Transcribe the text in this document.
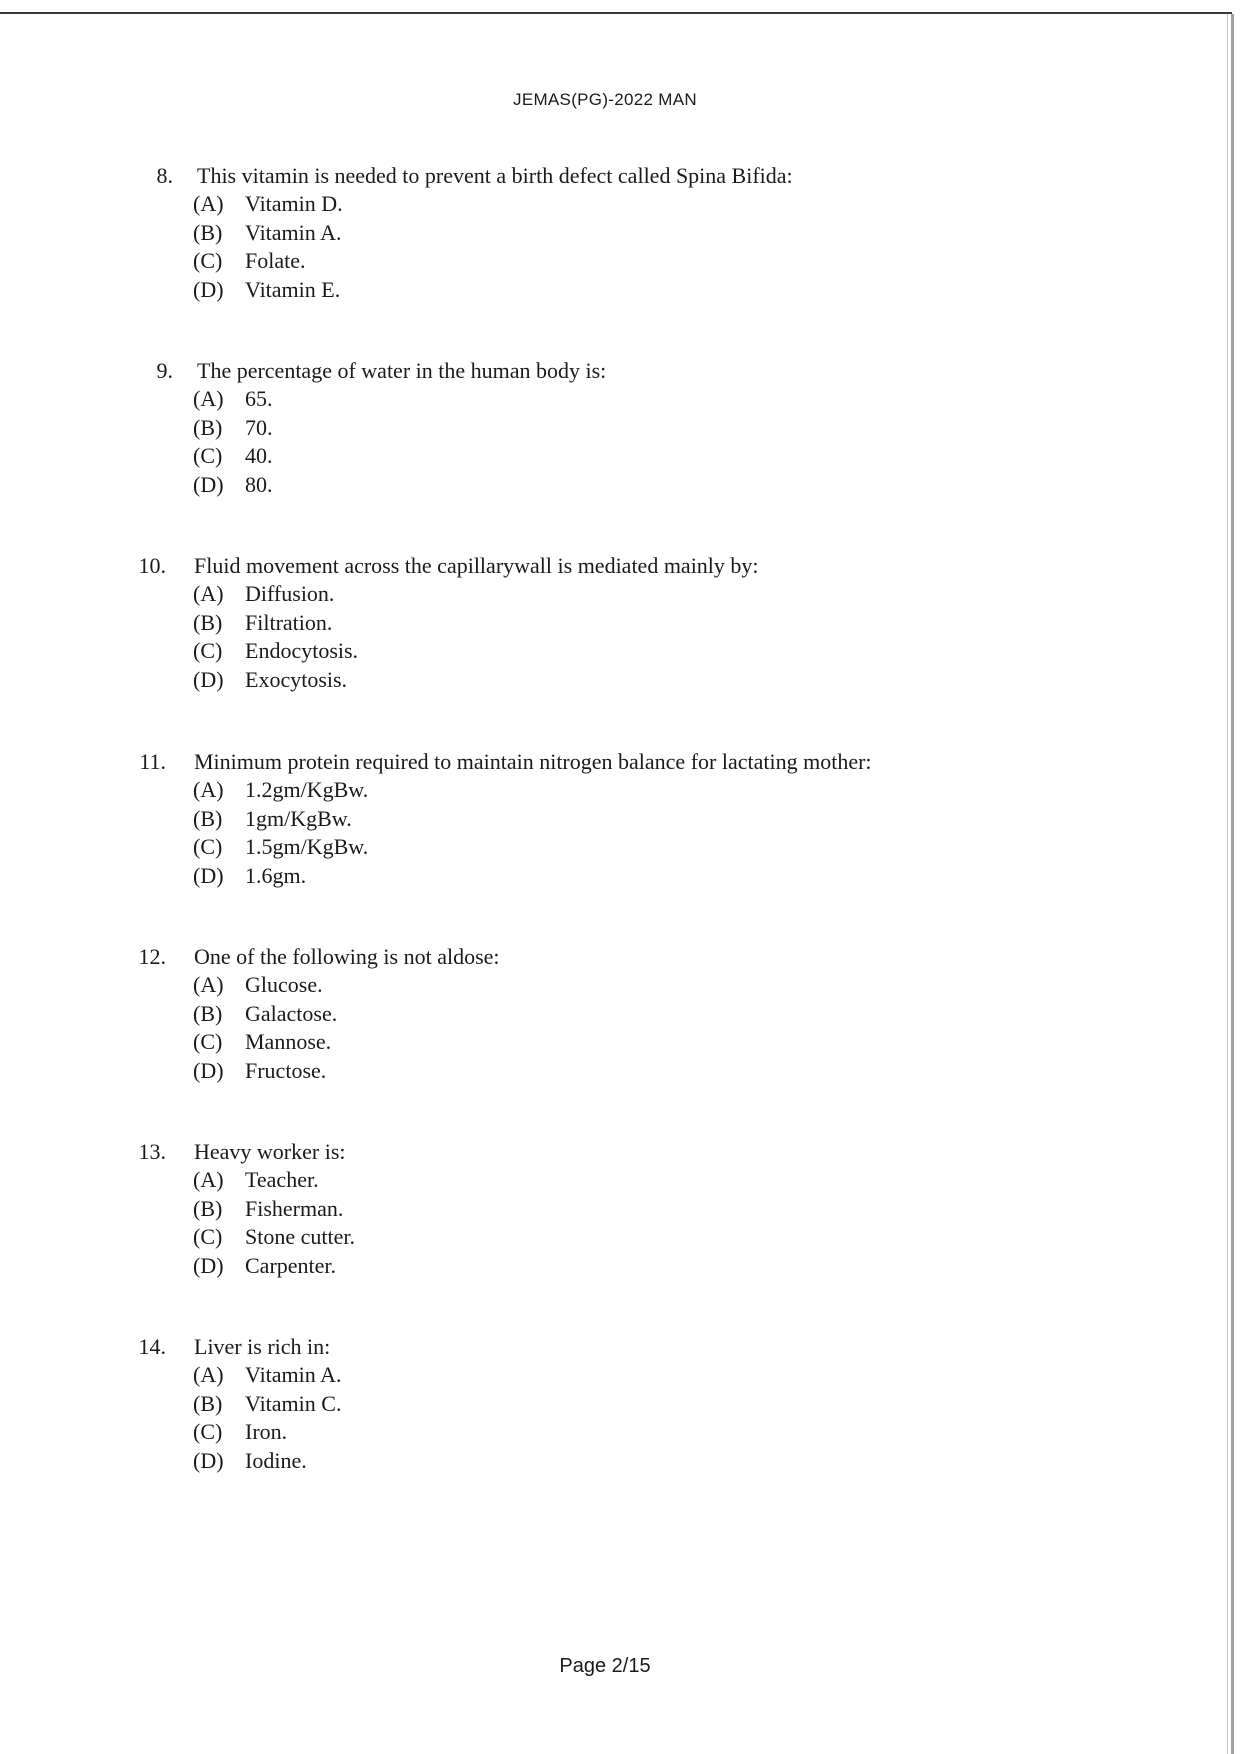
JEMAS(PG)-2022 MAN
8. This vitamin is needed to prevent a birth defect called Spina Bifida:
(A) Vitamin D.
(B)	Vitamin A.
(C)	Folate.
(D) Vitamin E.
9. The percentage of water in the human body is:
(A) 65.
(B)	70.
(C)	40.
(D) 80.
10. Fluid movement across the capillarywall is mediated mainly by:
(A) Diffusion.
(B)	Filtration.
(C)	Endocytosis.
(D) Exocytosis.
11. Minimum protein required to maintain nitrogen balance for lactating mother:
(A) 1.2gm/KgBw.
(B)	1gm/KgBw.
(C)	1.5gm/KgBw.
(D) 1.6gm.
12. One of the following is not aldose:
(A) Glucose.
(B)	Galactose.
(C)	Mannose.
(D) Fructose.
13. Heavy worker is:
(A) Teacher.
(B)	Fisherman.
(C)	Stone cutter.
(D) Carpenter.
14. Liver is rich in:
(A) Vitamin A.
(B)	Vitamin C.
(C)	Iron.
(D) Iodine.
Page 2/15
